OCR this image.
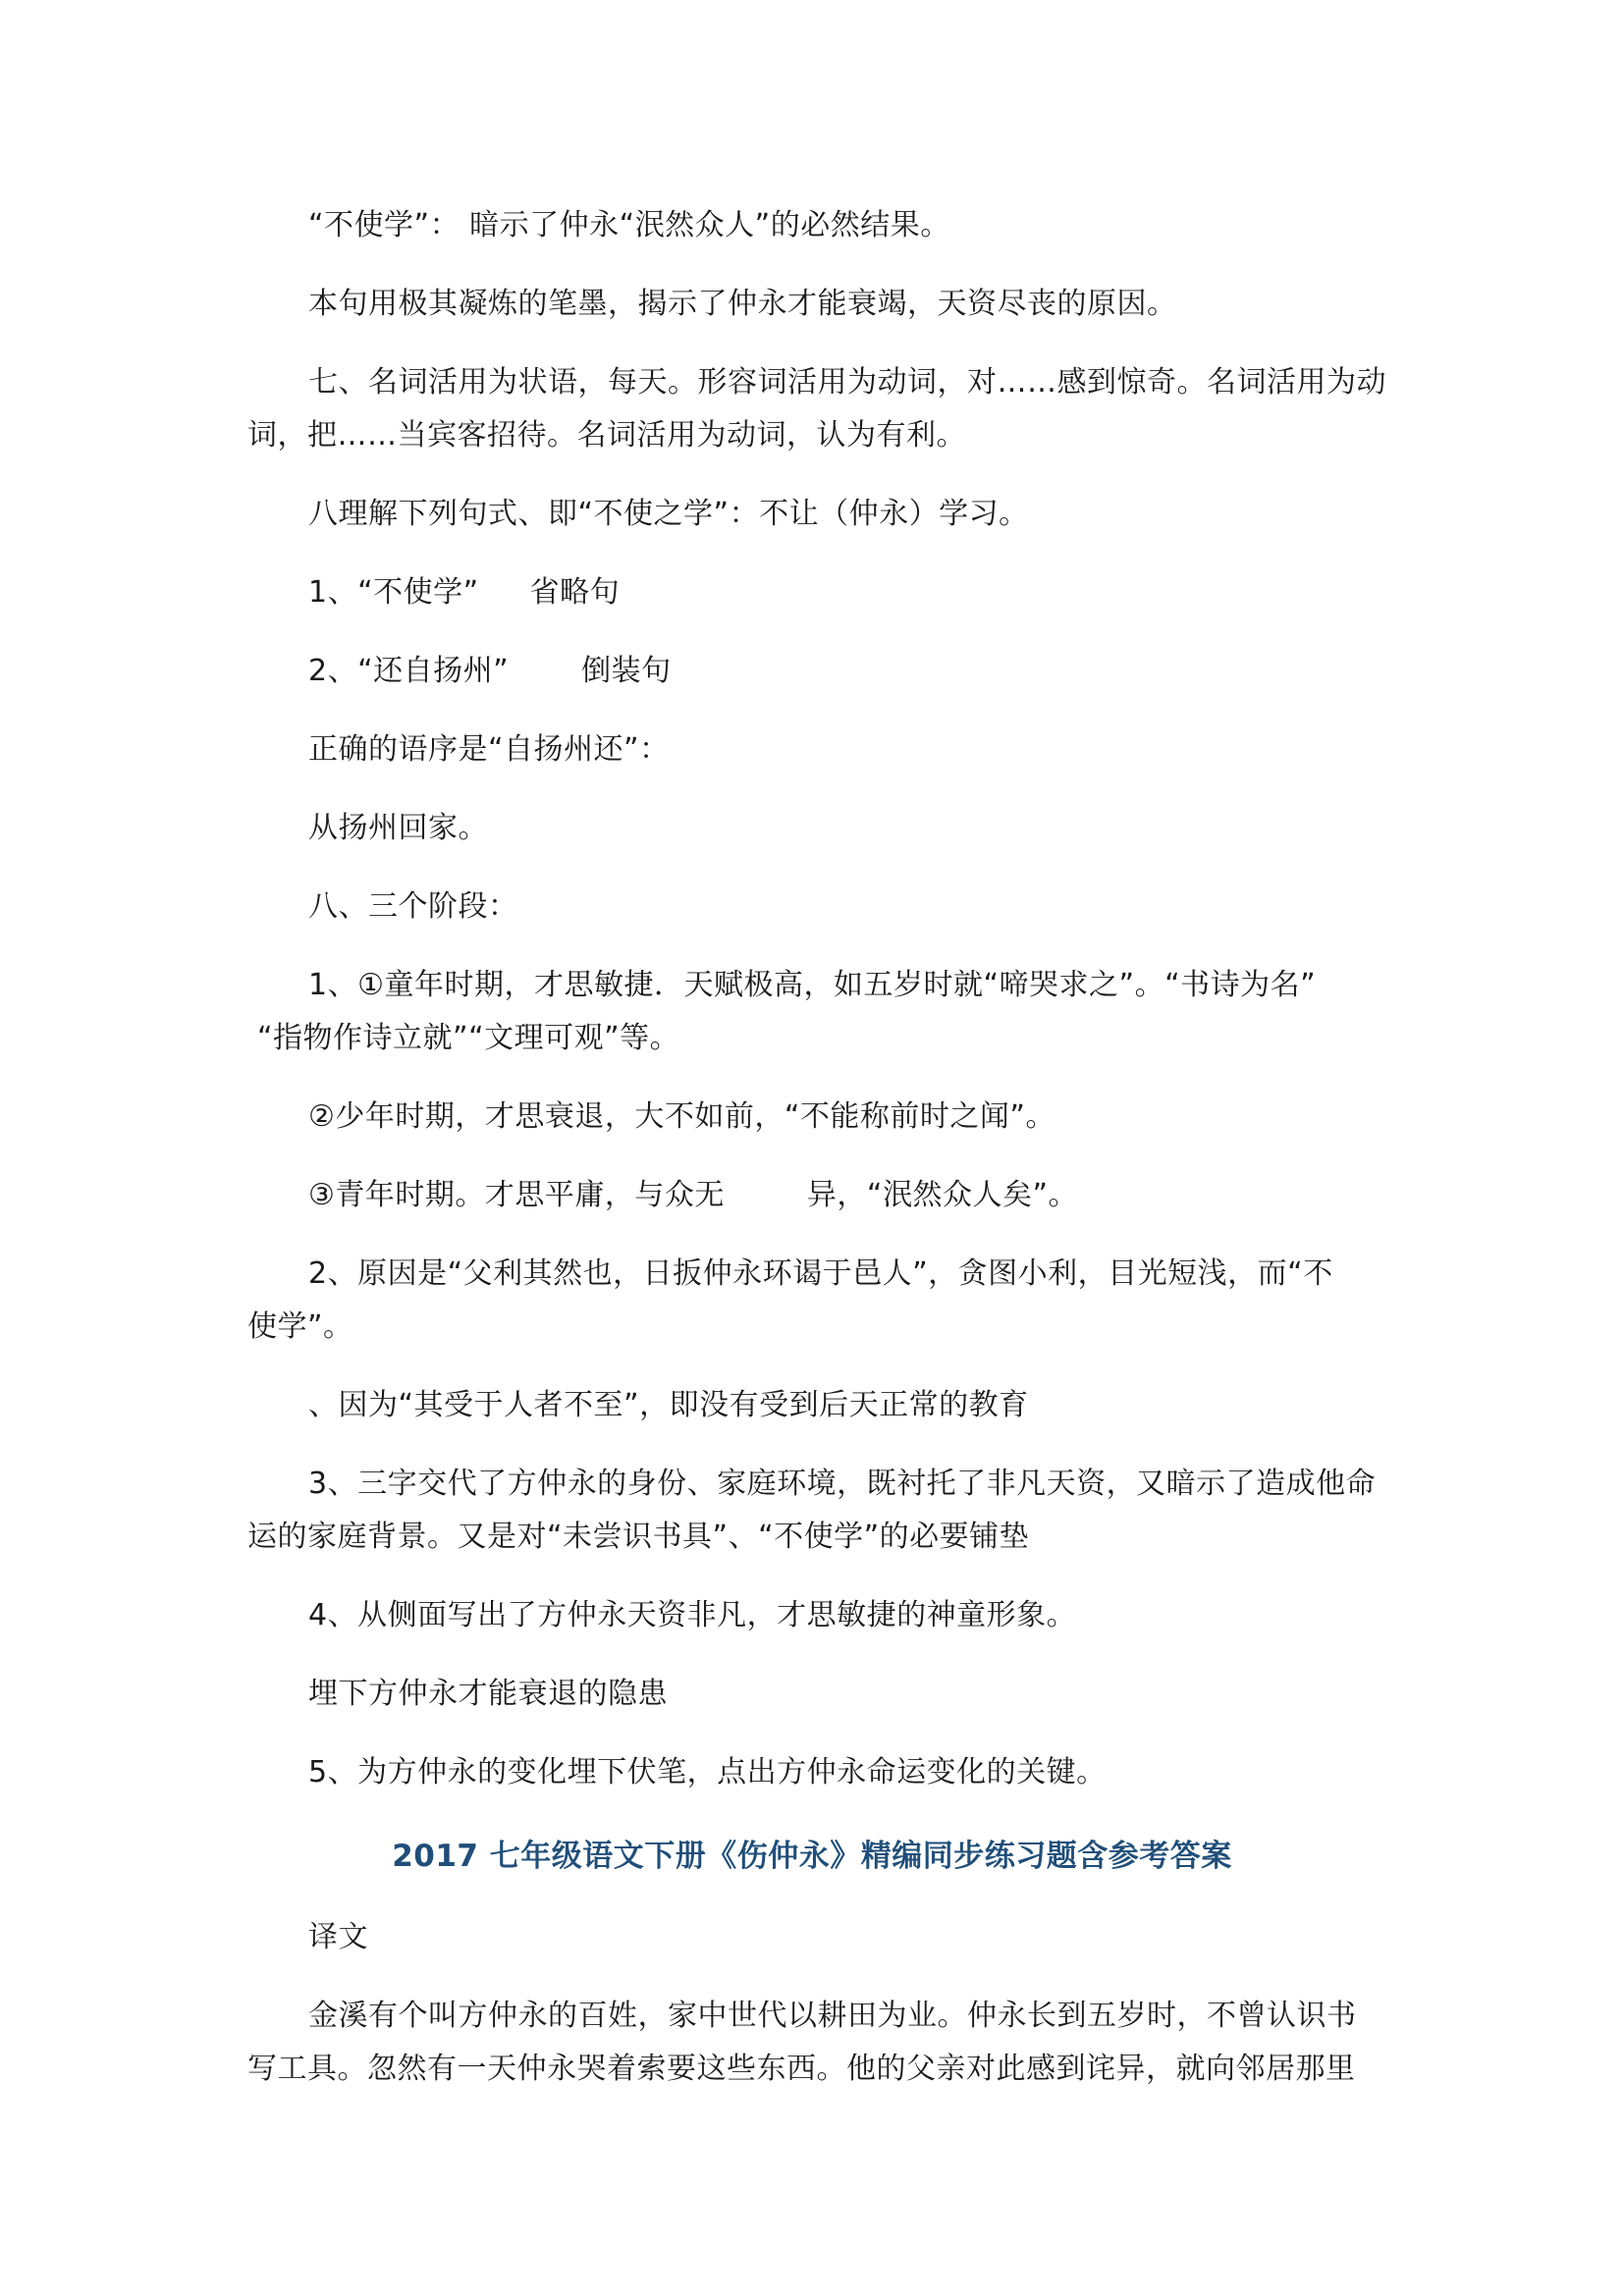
“不使学”： 暗示了仲永“泯然众人”的必然结果。
本句用极其凝炼的笔墨，揭示了仲永才能衰竭，天资尽丧的原因。
七、名词活用为状语，每天。形容词活用为动词，对……感到惊奇。名词活用为动
词，把……当宾客招待。名词活用为动词，认为有利。
八理解下列句式、即“不使之学”：不让（仲永）学习。
1、“不使学” 省略句
2、“还自扬州” 倒装句
正确的语序是“自扬州还”：
从扬州回家。
八、三个阶段：
1、①童年时期，才思敏捷．天赋极高，如五岁时就“啼哭求之”。“书诗为名”
“指物作诗立就”“文理可观”等。
②少年时期，才思衰退，大不如前，“不能称前时之闻”。
③青年时期。才思平庸，与众无	异，“泯然众人矣”。
2、原因是“父利其然也，日扳仲永环谒于邑人”，贪图小利，目光短浅，而“不
使学”。
、因为“其受于人者不至”，即没有受到后天正常的教育
3、三字交代了方仲永的身份、家庭环境，既衬托了非凡天资，又暗示了造成他命
运的家庭背景。又是对“未尝识书具”、“不使学”的必要铺垫
4、从侧面写出了方仲永天资非凡，才思敏捷的神童形象。
埋下方仲永才能衰退的隐患
5、为方仲永的变化埋下伏笔，点出方仲永命运变化的关键。
2017 七年级语文下册《伤仲永》精编同步练习题含参考答案
译文
金溪有个叫方仲永的百姓，家中世代以耕田为业。仲永长到五岁时，不曾认识书
写工具。忽然有一天仲永哭着索要这些东西。他的父亲对此感到诧异，就向邻居那里
